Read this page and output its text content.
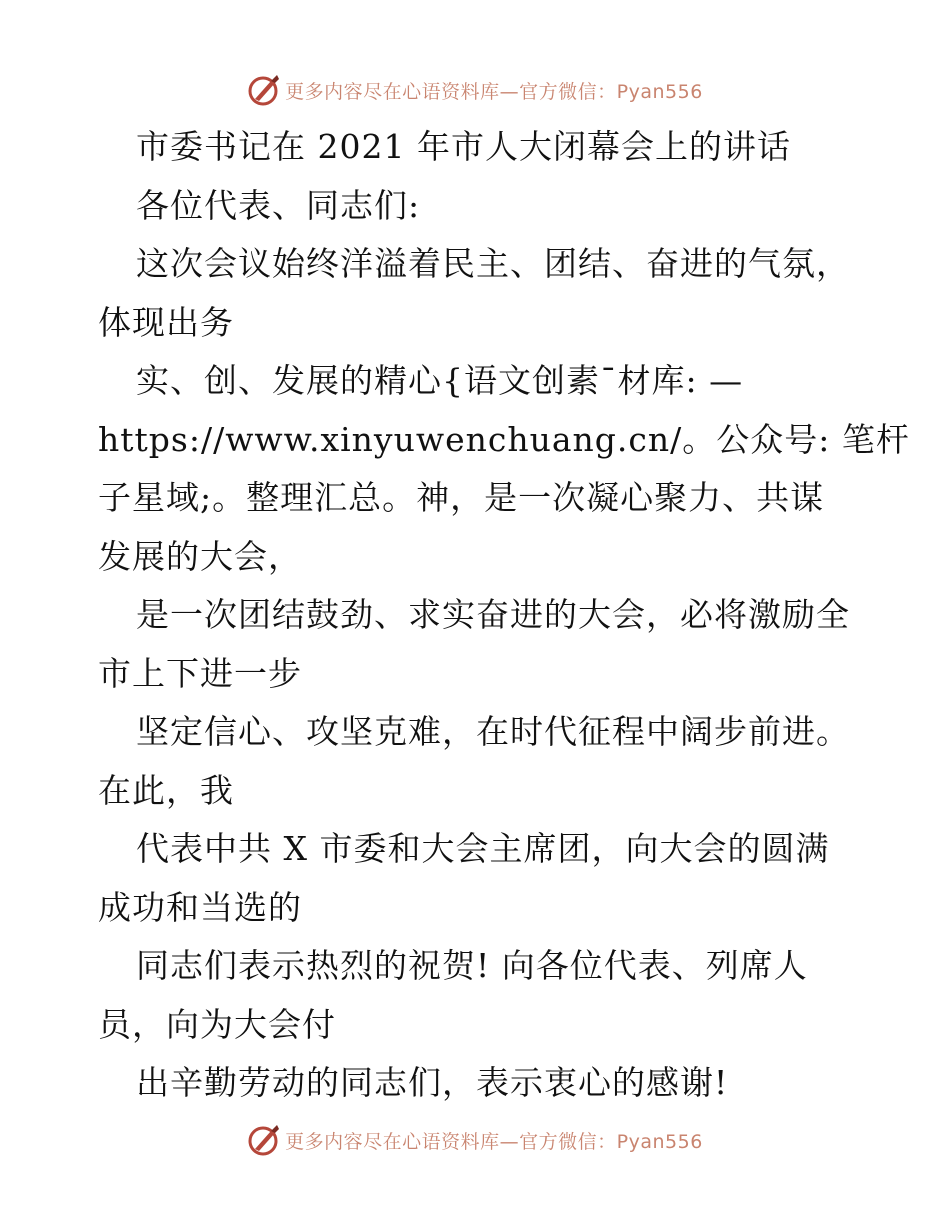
更多内容尽在心语资料库—官方微信：Pyan556
市委书记在 2021 年市人大闭幕会上的讲话
各位代表、同志们:
这次会议始终洋溢着民主、团结、奋进的气氛，
体现出务
实、创、发展的精心{语文创素¯材库: —
https://www.xinyuwenchuang.cn/。公众号: 笔杆
子星域;。整理汇总。神，是一次凝心聚力、共谋
发展的大会，
是一次团结鼓劲、求实奋进的大会，必将激励全
市上下进一步
坚定信心、攻坚克难，在时代征程中阔步前进。
在此，我
代表中共 X 市委和大会主席团，向大会的圆满
成功和当选的
同志们表示热烈的祝贺! 向各位代表、列席人
员，向为大会付
出辛勤劳动的同志们，表示衷心的感谢!
更多内容尽在心语资料库—官方微信：Pyan556
